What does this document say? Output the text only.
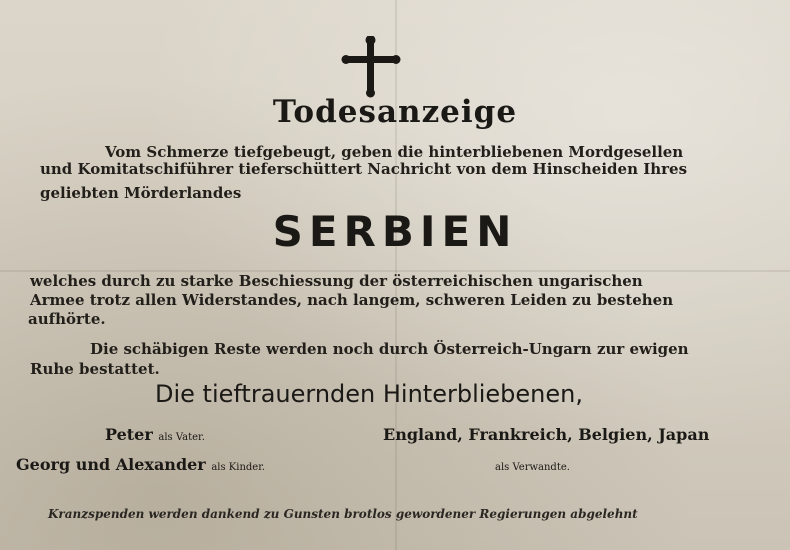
Todesanzeige
Vom Schmerze tiefgebeugt, geben die hinterbliebenen Mordgesellen
und Komitatschiführer tieferschüttert Nachricht von dem Hinscheiden Ihres
geliebten Mörderlandes
SERBIEN
welches durch zu starke Beschiessung der österreichischen ungarischen
Armee trotz allen Widerstandes, nach langem, schweren Leiden zu bestehen
aufhörte.
Die schäbigen Reste werden noch durch Österreich-Ungarn zur ewigen
Ruhe bestattet.
Die tieftrauernden Hinterbliebenen,
Peter als Vater.
Georg und Alexander als Kinder.
England, Frankreich, Belgien, Japan
als Verwandte.
Kranzspenden werden dankend zu Gunsten brotlos gewordener Regierungen abgelehnt
